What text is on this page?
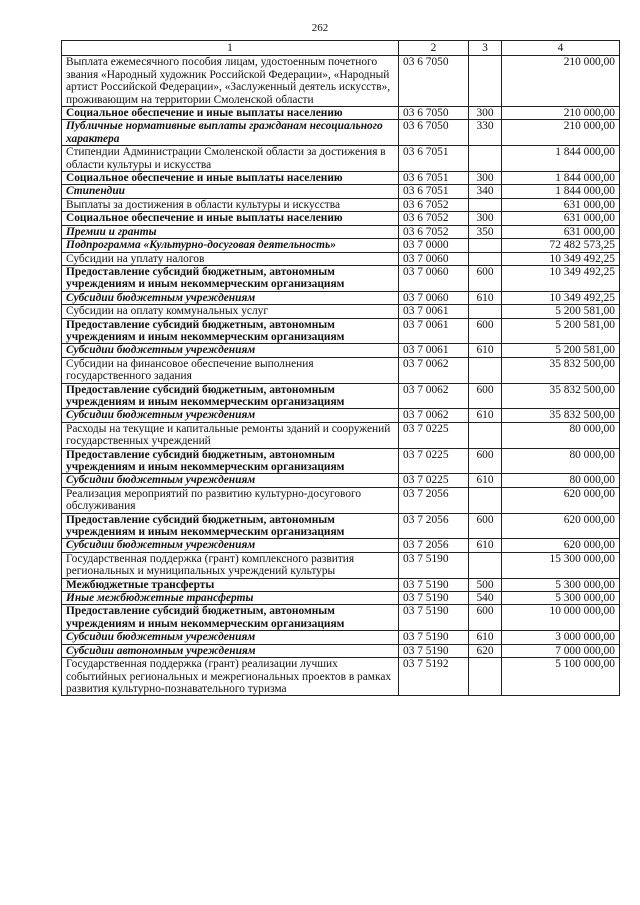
262
1	2	3	4
Выплата ежемесячного пособия лицам, удостоенным почетного звания «Народный художник Российской Федерации», «Народный артист Российской Федерации», «Заслуженный деятель искусств», проживающим на территории Смоленской области	03 6 7050		210 000,00
Социальное обеспечение и иные выплаты населению	03 6 7050	300	210 000,00
Публичные нормативные выплаты гражданам несоциального характера	03 6 7050	330	210 000,00
Стипендии Администрации Смоленской области за достижения в области культуры и искусства	03 6 7051		1 844 000,00
Социальное обеспечение и иные выплаты населению	03 6 7051	300	1 844 000,00
Стипендии	03 6 7051	340	1 844 000,00
Выплаты за достижения в области культуры и искусства	03 6 7052		631 000,00
Социальное обеспечение и иные выплаты населению	03 6 7052	300	631 000,00
Премии и гранты	03 6 7052	350	631 000,00
Подпрограмма «Культурно-досуговая деятельность»	03 7 0000		72 482 573,25
Субсидии на уплату налогов	03 7 0060		10 349 492,25
Предоставление субсидий бюджетным, автономным учреждениям и иным некоммерческим организациям	03 7 0060	600	10 349 492,25
Субсидии бюджетным учреждениям	03 7 0060	610	10 349 492,25
Субсидии на оплату коммунальных услуг	03 7 0061		5 200 581,00
Предоставление субсидий бюджетным, автономным учреждениям и иным некоммерческим организациям	03 7 0061	600	5 200 581,00
Субсидии бюджетным учреждениям	03 7 0061	610	5 200 581,00
Субсидии на финансовое обеспечение выполнения государственного задания	03 7 0062		35 832 500,00
Предоставление субсидий бюджетным, автономным учреждениям и иным некоммерческим организациям	03 7 0062	600	35 832 500,00
Субсидии бюджетным учреждениям	03 7 0062	610	35 832 500,00
Расходы на текущие и капитальные ремонты зданий и сооружений государственных учреждений	03 7 0225		80 000,00
Предоставление субсидий бюджетным, автономным учреждениям и иным некоммерческим организациям	03 7 0225	600	80 000,00
Субсидии бюджетным учреждениям	03 7 0225	610	80 000,00
Реализация мероприятий по развитию культурно-досугового обслуживания	03 7 2056		620 000,00
Предоставление субсидий бюджетным, автономным учреждениям и иным некоммерческим организациям	03 7 2056	600	620 000,00
Субсидии бюджетным учреждениям	03 7 2056	610	620 000,00
Государственная поддержка (грант) комплексного развития региональных и муниципальных учреждений культуры	03 7 5190		15 300 000,00
Межбюджетные трансферты	03 7 5190	500	5 300 000,00
Иные межбюджетные трансферты	03 7 5190	540	5 300 000,00
Предоставление субсидий бюджетным, автономным учреждениям и иным некоммерческим организациям	03 7 5190	600	10 000 000,00
Субсидии бюджетным учреждениям	03 7 5190	610	3 000 000,00
Субсидии автономным учреждениям	03 7 5190	620	7 000 000,00
Государственная поддержка (грант) реализации лучших событийных региональных и межрегиональных проектов в рамках развития культурно-познавательного туризма	03 7 5192		5 100 000,00
